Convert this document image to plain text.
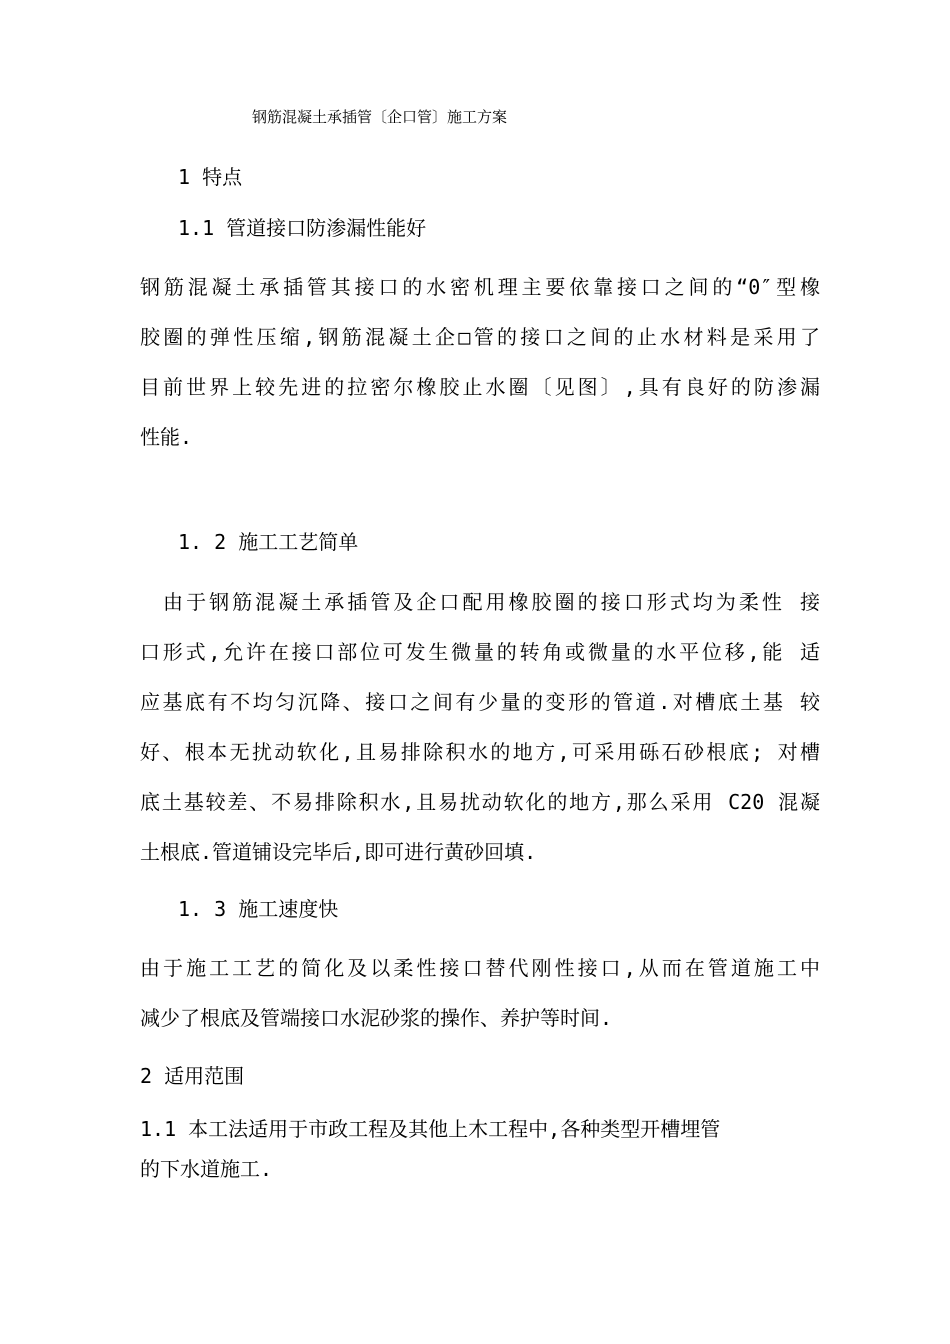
钢筋混凝土承插管〔企口管〕施工方案
1 特点
1.1 管道接口防渗漏性能好
钢筋混凝土承插管其接口的水密机理主要依靠接口之间的“0″型橡
胶圈的弹性压缩,钢筋混凝土企□管的接口之间的止水材料是采用了
目前世界上较先进的拉密尔橡胶止水圈〔见图〕,具有良好的防渗漏
性能.
1. 2 施工工艺简单
　由于钢筋混凝土承插管及企口配用橡胶圈的接口形式均为柔性 接
口形式,允许在接口部位可发生微量的转角或微量的水平位移,能 适
应基底有不均匀沉降、接口之间有少量的变形的管道.对槽底土基 较
好、根本无扰动软化,且易排除积水的地方,可采用砾石砂根底; 对槽
底土基较差、不易排除积水,且易扰动软化的地方,那么采用 C20 混凝
土根底.管道铺设完毕后,即可进行黄砂回填.
1. 3 施工速度快
由于施工工艺的简化及以柔性接口替代刚性接口,从而在管道施工中
减少了根底及管端接口水泥砂浆的操作、养护等时间.
2 适用范围
1.1 本工法适用于市政工程及其他上木工程中,各种类型开槽埋管
的下水道施工.
